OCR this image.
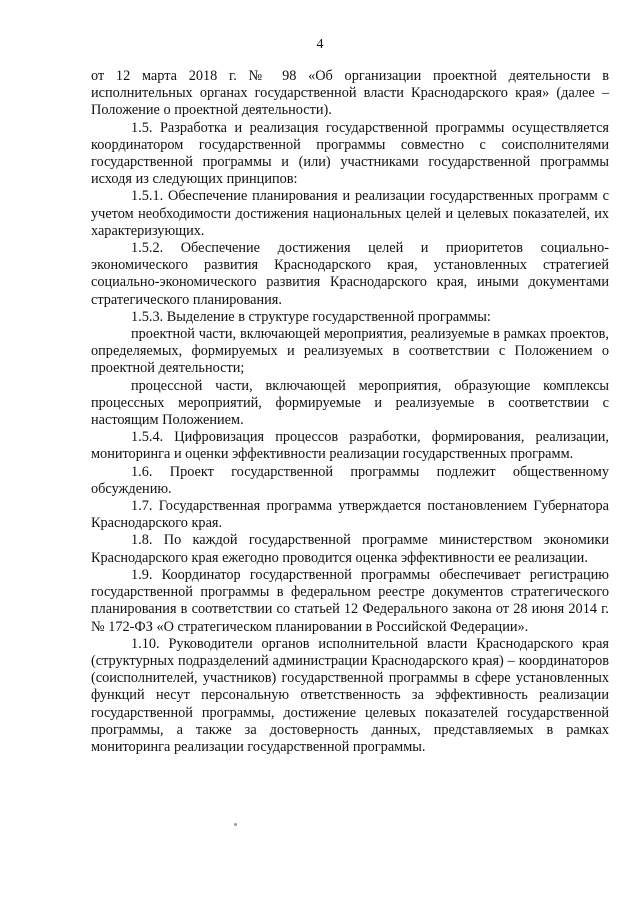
4

от 12 марта 2018 г. № 98 «Об организации проектной деятельности в исполнительных органах государственной власти Краснодарского края» (далее – Положение о проектной деятельности).

1.5. Разработка и реализация государственной программы осуществляется координатором государственной программы совместно с соисполнителями государственной программы и (или) участниками государственной программы исходя из следующих принципов:

1.5.1. Обеспечение планирования и реализации государственных программ с учетом необходимости достижения национальных целей и целевых показателей, их характеризующих.

1.5.2. Обеспечение достижения целей и приоритетов социально-экономического развития Краснодарского края, установленных стратегией социально-экономического развития Краснодарского края, иными документами стратегического планирования.

1.5.3. Выделение в структуре государственной программы:

проектной части, включающей мероприятия, реализуемые в рамках проектов, определяемых, формируемых и реализуемых в соответствии с Положением о проектной деятельности;

процессной части, включающей мероприятия, образующие комплексы процессных мероприятий, формируемые и реализуемые в соответствии с настоящим Положением.

1.5.4. Цифровизация процессов разработки, формирования, реализации, мониторинга и оценки эффективности реализации государственных программ.

1.6. Проект государственной программы подлежит общественному обсуждению.

1.7. Государственная программа утверждается постановлением Губернатора Краснодарского края.

1.8. По каждой государственной программе министерством экономики Краснодарского края ежегодно проводится оценка эффективности ее реализации.

1.9. Координатор государственной программы обеспечивает регистрацию государственной программы в федеральном реестре документов стратегического планирования в соответствии со статьей 12 Федерального закона от 28 июня 2014 г. № 172-ФЗ «О стратегическом планировании в Российской Федерации».

1.10. Руководители органов исполнительной власти Краснодарского края (структурных подразделений администрации Краснодарского края) – координаторов (соисполнителей, участников) государственной программы в сфере установленных функций несут персональную ответственность за эффективность реализации государственной программы, достижение целевых показателей государственной программы, а также за достоверность данных, представляемых в рамках мониторинга реализации государственной программы.
